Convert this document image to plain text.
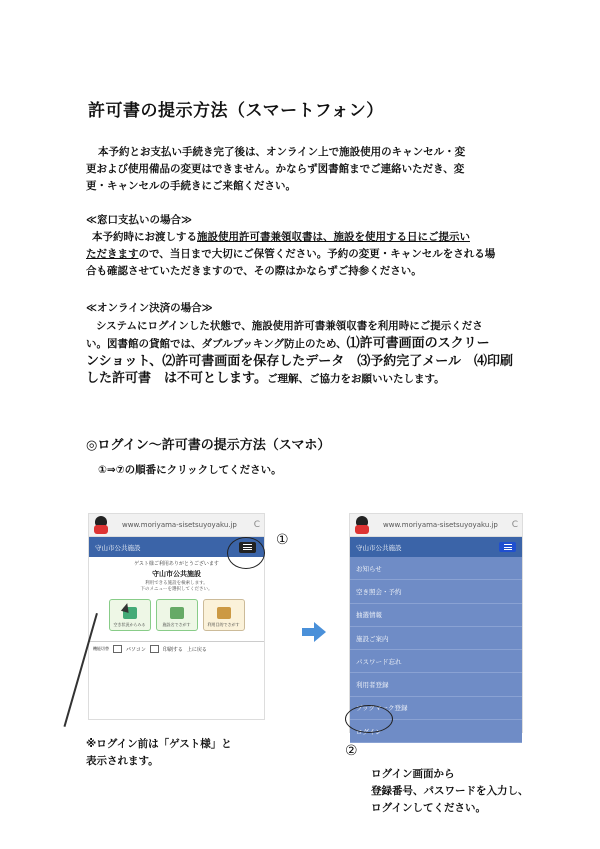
許可書の提示方法（スマートフォン）
本予約とお支払い手続き完了後は、オンライン上で施設使用のキャンセル・変
更および使用備品の変更はできません。かならず図書館までご連絡いただき、変
更・キャンセルの手続きにご来館ください。
≪窓口支払いの場合≫
本予約時にお渡しする施設使用許可書兼領収書は、施設を使用する日にご提示い
ただきますので、当日まで大切にご保管ください。予約の変更・キャンセルをされる場
合も確認させていただきますので、その際はかならずご持参ください。
≪オンライン決済の場合≫
システムにログインした状態で、施設使用許可書兼領収書を利用時にご提示くださ
い。図書館の貸館では、ダブルブッキング防止のため、⑴許可書画面のスクリー
ンショット、⑵許可書画面を保存したデータ　⑶予約完了メール　⑷印刷
した許可書　は不可とします。ご理解、ご協力をお願いいたします。
◎ログイン～許可書の提示方法（スマホ）
①⇒⑦の順番にクリックしてください。
www.moriyama-sisetsuyoyaku.jp	C
守山市公共施設
ゲスト様ご利用ありがとうございます
守山市公共施設
利用できる施設を検索します。
下のメニューを選択してください。
空き状況からみる	施設名でさがす	利用目的でさがす
機能切替	パソコン	印刷する 上に戻る
①
※ログイン前は「ゲスト様」と
表示されます。
www.moriyama-sisetsuyoyaku.jp	C
守山市公共施設
お知らせ
空き照会・予約
抽選情報
施設ご案内
パスワード忘れ
利用者登録
ブックマーク登録
ログイン
②
ログイン画面から
登録番号、パスワードを入力し、
ログインしてください。
